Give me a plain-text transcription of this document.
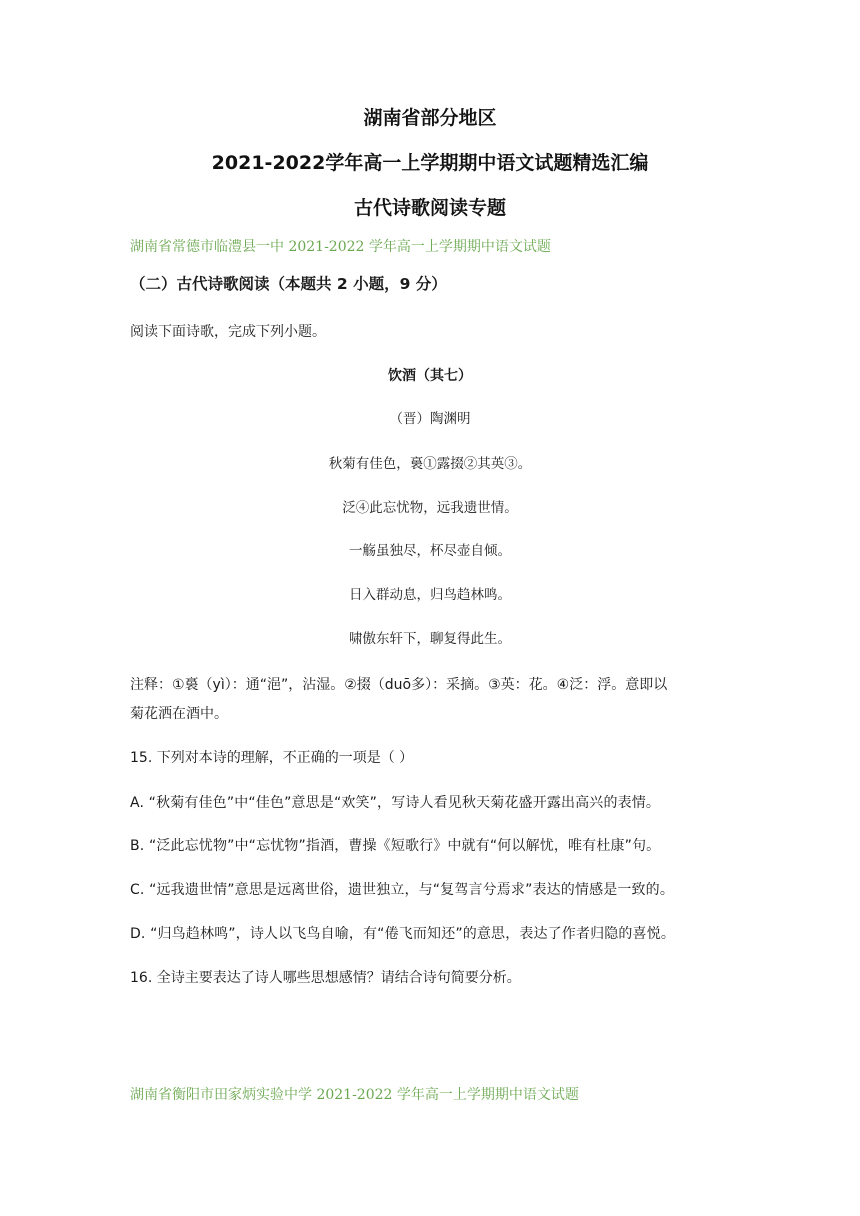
湖南省部分地区
2021-2022学年高一上学期期中语文试题精选汇编
古代诗歌阅读专题
湖南省常德市临澧县一中 2021-2022 学年高一上学期期中语文试题
（二）古代诗歌阅读（本题共 2 小题，9 分）
阅读下面诗歌，完成下列小题。
饮酒（其七）
（晋）陶渊明
秋菊有佳色，裛①露掇②其英③。
泛④此忘忧物，远我遗世情。
一觞虽独尽，杯尽壶自倾。
日入群动息，归鸟趋林鸣。
啸傲东轩下，聊复得此生。
注释：①裛（yì）：通“浥”，沾湿。②掇（duō多）：采摘。③英：花。④泛：浮。意即以
菊花洒在酒中。
15. 下列对本诗的理解，不正确的一项是（ ）
A. “秋菊有佳色”中“佳色”意思是“欢笑”，写诗人看见秋天菊花盛开露出高兴的表情。
B. “泛此忘忧物”中“忘忧物”指酒，曹操《短歌行》中就有“何以解忧，唯有杜康”句。
C. “远我遗世情”意思是远离世俗，遗世独立，与“复驾言兮焉求”表达的情感是一致的。
D. “归鸟趋林鸣”，诗人以飞鸟自喻，有“倦飞而知还”的意思，表达了作者归隐的喜悦。
16. 全诗主要表达了诗人哪些思想感情？请结合诗句简要分析。
湖南省衡阳市田家炳实验中学 2021-2022 学年高一上学期期中语文试题
